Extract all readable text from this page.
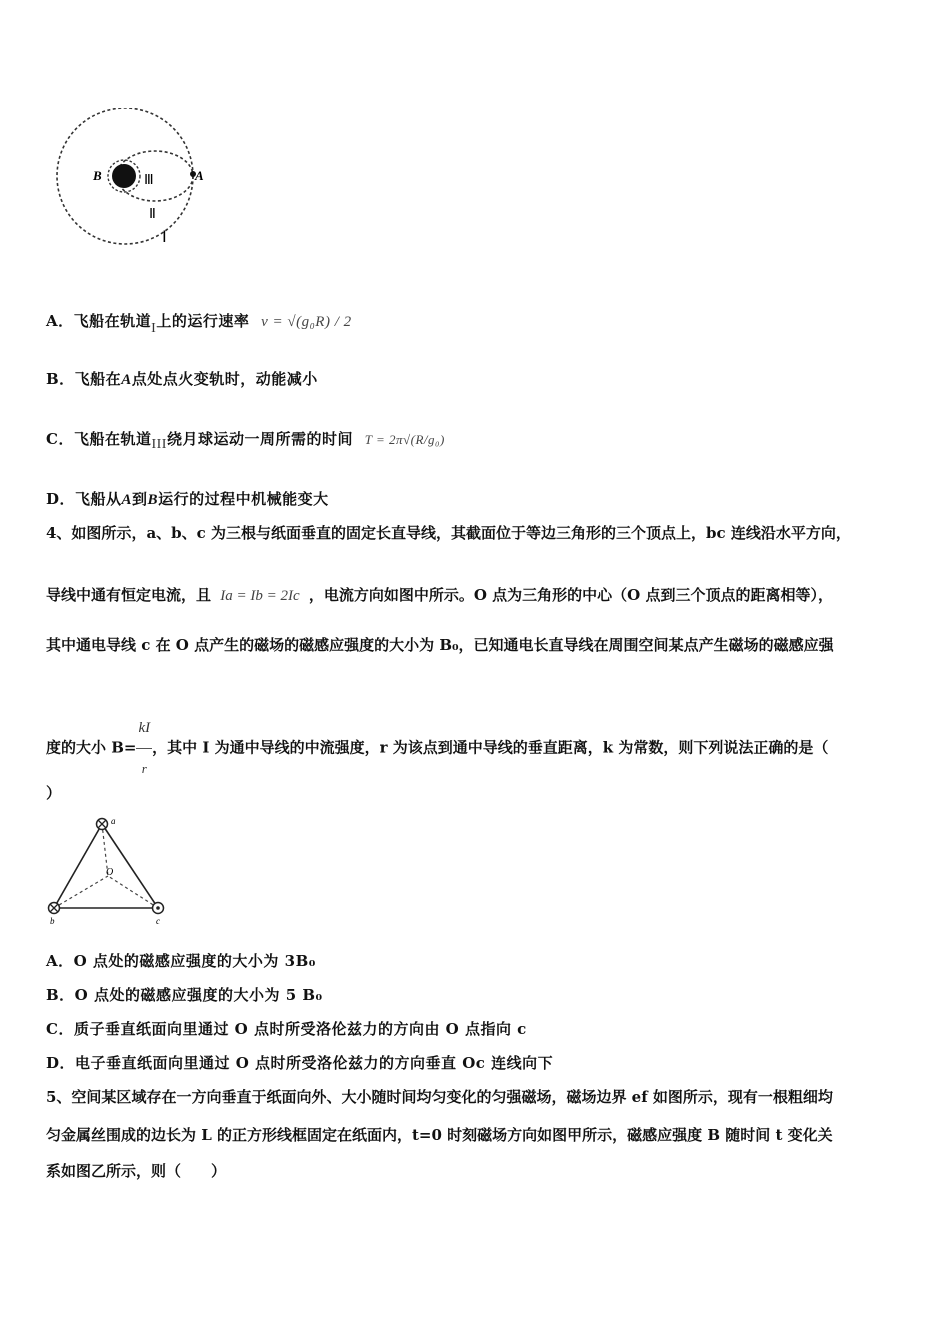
B	A
Ⅲ
Ⅱ
Ⅰ
A．飞船在轨道I上的运行速率 v = √(g₀R) / 2
B．飞船在A点处点火变轨时，动能减小
C．飞船在轨道III绕月球运动一周所需的时间 T = 2π√(R/g₀)
D．飞船从A到B运行的过程中机械能变大
4、如图所示，a、b、c 为三根与纸面垂直的固定长直导线，其截面位于等边三角形的三个顶点上，bc 连线沿水平方向，
导线中通有恒定电流，且 Ia = Ib = 2Ic ，电流方向如图中所示。O 点为三角形的中心（O 点到三个顶点的距离相等），
其中通电导线 c 在 O 点产生的磁场的磁感应强度的大小为 B₀，已知通电长直导线在周围空间某点产生磁场的磁感应强
度的大小 $B= \frac{kI}{r}$ ，其中 I 为通中导线的中流强度，r 为该点到通中导线的垂直距离，k 为常数，则下列说法正确的是（
）
a
b	c
O
A．O 点处的磁感应强度的大小为 3B₀
B．O 点处的磁感应强度的大小为 5 B₀
C．质子垂直纸面向里通过 O 点时所受洛伦兹力的方向由 O 点指向 c
D．电子垂直纸面向里通过 O 点时所受洛伦兹力的方向垂直 Oc 连线向下
5、空间某区域存在一方向垂直于纸面向外、大小随时间均匀变化的匀强磁场，磁场边界 ef 如图所示，现有一根粗细均
匀金属丝围成的边长为 L 的正方形线框固定在纸面内，t=0 时刻磁场方向如图甲所示，磁感应强度 B 随时间 t 变化关
系如图乙所示，则（　　）
